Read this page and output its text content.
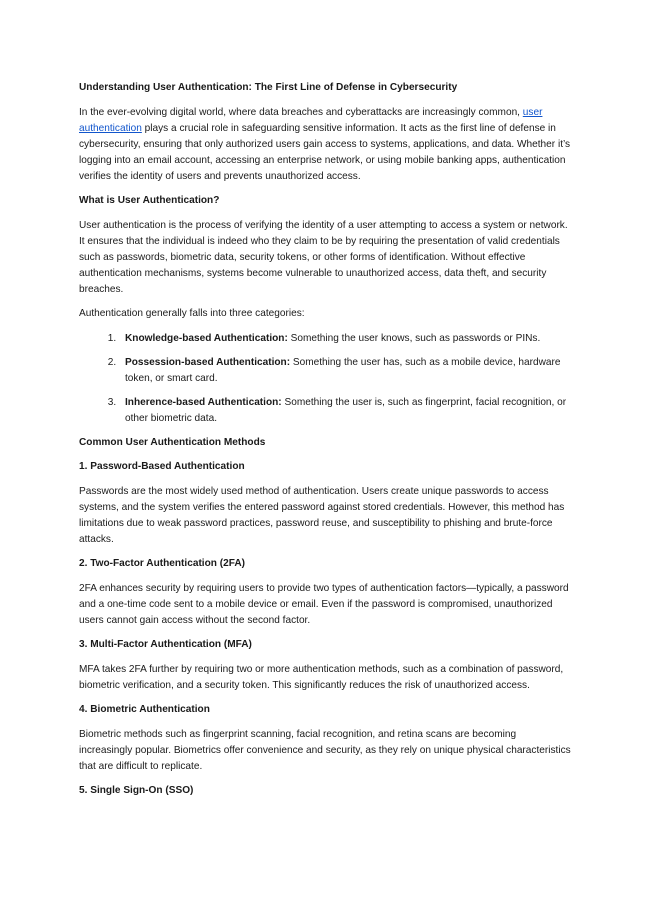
Understanding User Authentication: The First Line of Defense in Cybersecurity

In the ever-evolving digital world, where data breaches and cyberattacks are increasingly common, user authentication plays a crucial role in safeguarding sensitive information. It acts as the first line of defense in cybersecurity, ensuring that only authorized users gain access to systems, applications, and data. Whether it’s logging into an email account, accessing an enterprise network, or using mobile banking apps, authentication verifies the identity of users and prevents unauthorized access.

What is User Authentication?

User authentication is the process of verifying the identity of a user attempting to access a system or network. It ensures that the individual is indeed who they claim to be by requiring the presentation of valid credentials such as passwords, biometric data, security tokens, or other forms of identification. Without effective authentication mechanisms, systems become vulnerable to unauthorized access, data theft, and security breaches.

Authentication generally falls into three categories:

1. Knowledge-based Authentication: Something the user knows, such as passwords or PINs.
2. Possession-based Authentication: Something the user has, such as a mobile device, hardware token, or smart card.
3. Inherence-based Authentication: Something the user is, such as fingerprint, facial recognition, or other biometric data.

Common User Authentication Methods

1. Password-Based Authentication

Passwords are the most widely used method of authentication. Users create unique passwords to access systems, and the system verifies the entered password against stored credentials. However, this method has limitations due to weak password practices, password reuse, and susceptibility to phishing and brute-force attacks.

2. Two-Factor Authentication (2FA)

2FA enhances security by requiring users to provide two types of authentication factors—typically, a password and a one-time code sent to a mobile device or email. Even if the password is compromised, unauthorized users cannot gain access without the second factor.

3. Multi-Factor Authentication (MFA)

MFA takes 2FA further by requiring two or more authentication methods, such as a combination of password, biometric verification, and a security token. This significantly reduces the risk of unauthorized access.

4. Biometric Authentication

Biometric methods such as fingerprint scanning, facial recognition, and retina scans are becoming increasingly popular. Biometrics offer convenience and security, as they rely on unique physical characteristics that are difficult to replicate.

5. Single Sign-On (SSO)
